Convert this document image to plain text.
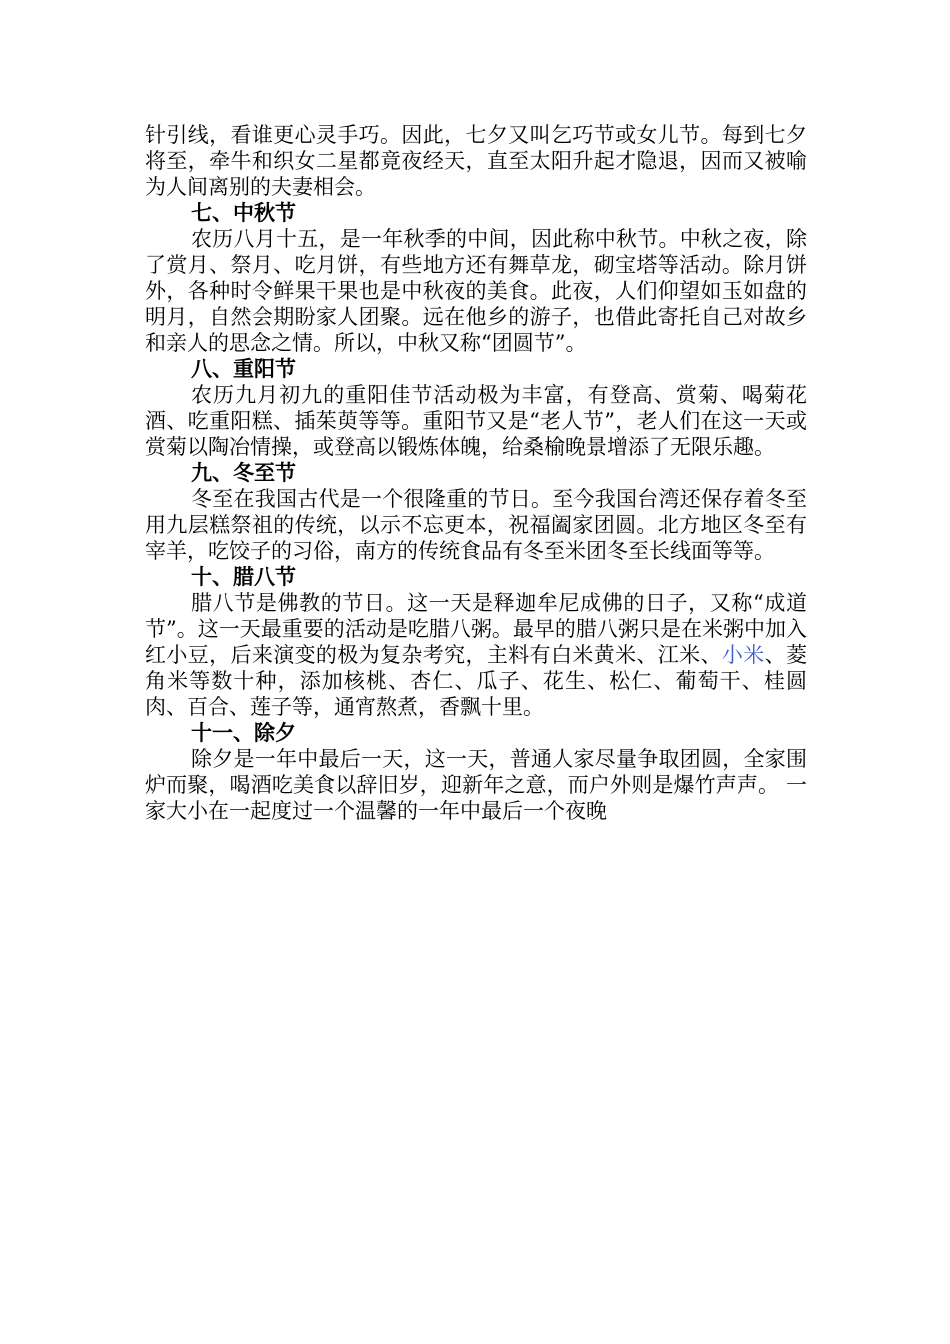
针引线，看谁更心灵手巧。因此，七夕又叫乞巧节或女儿节。每到七夕将至，牵牛和织女二星都竟夜经天，直至太阳升起才隐退，因而又被喻为人间离别的夫妻相会。

七、中秋节

农历八月十五，是一年秋季的中间，因此称中秋节。中秋之夜，除了赏月、祭月、吃月饼，有些地方还有舞草龙，砌宝塔等活动。除月饼外，各种时令鲜果干果也是中秋夜的美食。此夜，人们仰望如玉如盘的明月，自然会期盼家人团聚。远在他乡的游子，也借此寄托自己对故乡和亲人的思念之情。所以，中秋又称“团圆节”。

八、重阳节

农历九月初九的重阳佳节活动极为丰富，有登高、赏菊、喝菊花酒、吃重阳糕、插茱萸等等。重阳节又是“老人节”，老人们在这一天或赏菊以陶冶情操，或登高以锻炼体魄，给桑榆晚景增添了无限乐趣。

九、冬至节

冬至在我国古代是一个很隆重的节日。至今我国台湾还保存着冬至用九层糕祭祖的传统，以示不忘更本，祝福阖家团圆。北方地区冬至有宰羊，吃饺子的习俗，南方的传统食品有冬至米团冬至长线面等等。

十、腊八节

腊八节是佛教的节日。这一天是释迦牟尼成佛的日子，又称“成道节”。这一天最重要的活动是吃腊八粥。最早的腊八粥只是在米粥中加入红小豆，后来演变的极为复杂考究，主料有白米黄米、江米、小米、菱角米等数十种，添加核桃、杏仁、瓜子、花生、松仁、葡萄干、桂圆肉、百合、莲子等，通宵熬煮，香飘十里。

十一、除夕

除夕是一年中最后一天，这一天，普通人家尽量争取团圆，全家围炉而聚，喝酒吃美食以辞旧岁，迎新年之意，而户外则是爆竹声声。 一家大小在一起度过一个温馨的一年中最后一个夜晚
